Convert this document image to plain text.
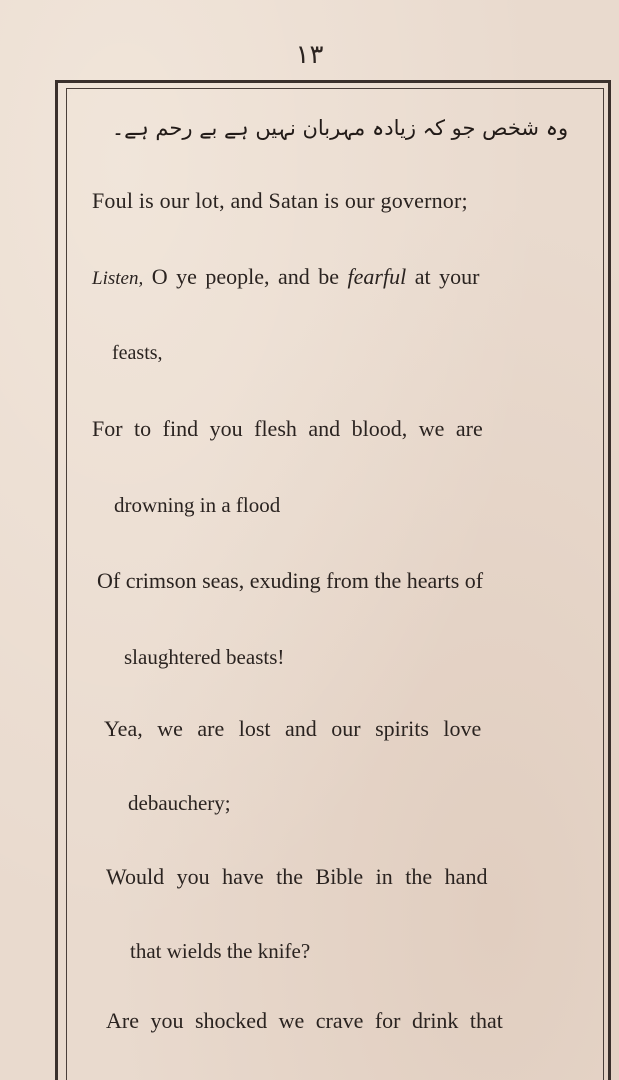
۱۳
وہ شخص جو کہ زیادہ مہربان نہیں ہے بے رحم ہے۔
Foul is our lot, and Satan is our governor;
Listen, O ye people, and be fearful at your
feasts,
For to find you flesh and blood, we are
drowning in a flood
Of crimson seas, exuding from the hearts of
slaughtered beasts!
Yea, we are lost and our spirits love
debauchery;
Would you have the Bible in the hand
that wields the knife?
Are you shocked we crave for drink that
